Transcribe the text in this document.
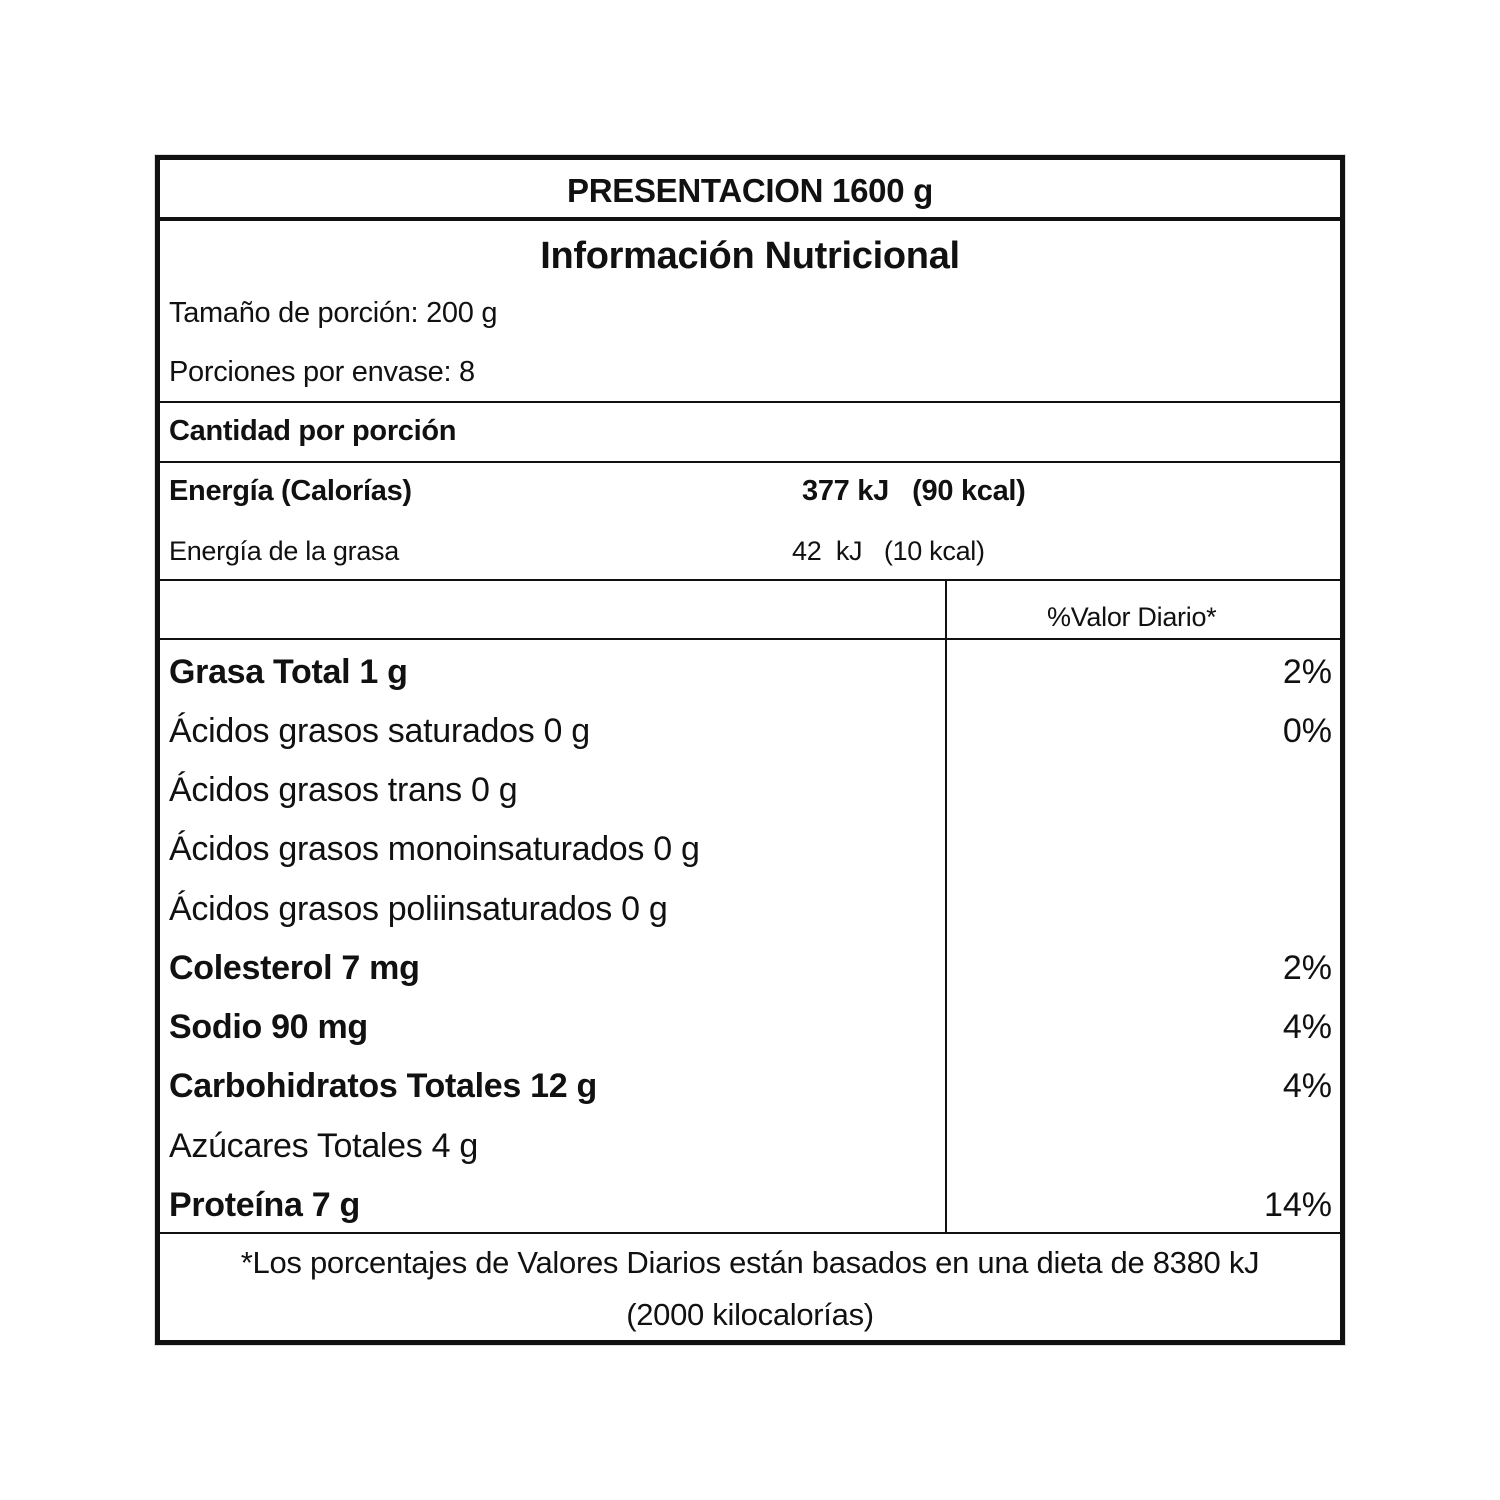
PRESENTACION 1600 g
Información Nutricional
Tamaño de porción: 200 g
Porciones por envase: 8
Cantidad por porción
Energía (Calorías)	377 kJ   (90 kcal)
Energía de la grasa	42  kJ   (10 kcal)
%Valor Diario*
Grasa Total 1 g	2%
Ácidos grasos saturados 0 g	0%
Ácidos grasos trans 0 g
Ácidos grasos monoinsaturados 0 g
Ácidos grasos poliinsaturados 0 g
Colesterol 7 mg	2%
Sodio 90 mg	4%
Carbohidratos Totales 12 g	4%
Azúcares Totales 4 g
Proteína 7 g	14%
*Los porcentajes de Valores Diarios están basados en una dieta de 8380 kJ
(2000 kilocalorías)
